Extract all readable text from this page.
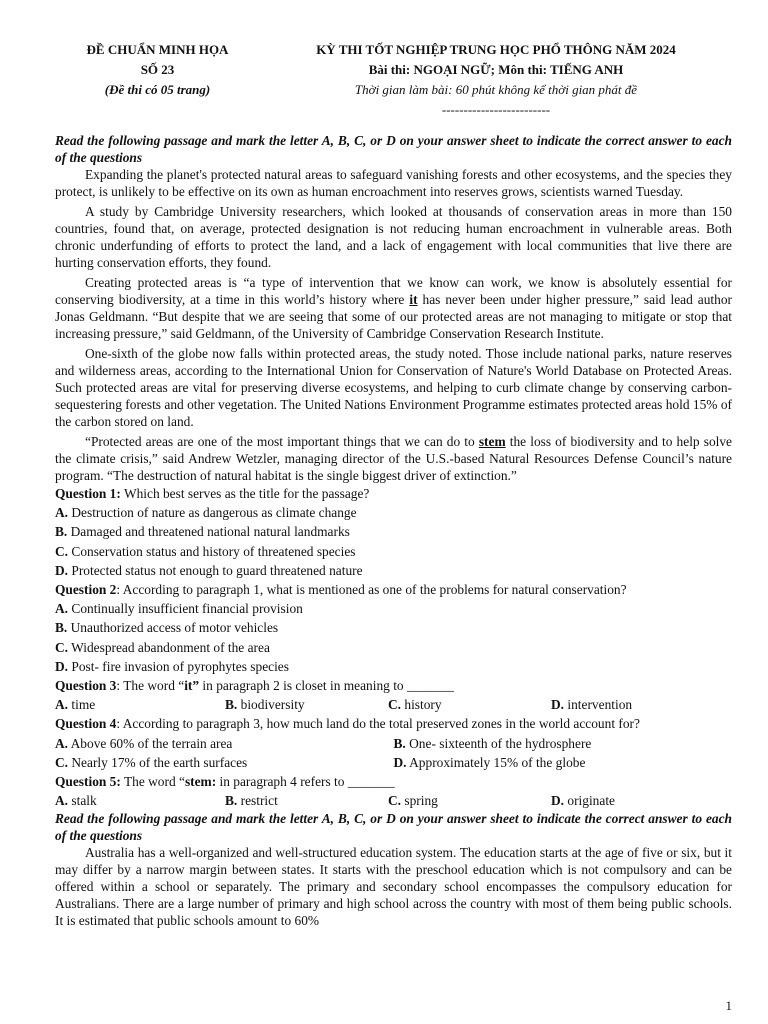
ĐỀ CHUẨN MINH HỌA
SỐ 23
(Đề thi có 05 trang)
KỲ THI TỐT NGHIỆP TRUNG HỌC PHỔ THÔNG NĂM 2024
Bài thi: NGOẠI NGỮ; Môn thi: TIẾNG ANH
Thời gian làm bài: 60 phút không kể thời gian phát đề
-------------------------
Read the following passage and mark the letter A, B, C, or D on your answer sheet to indicate the correct answer to each of the questions

Expanding the planet's protected natural areas to safeguard vanishing forests and other ecosystems, and the species they protect, is unlikely to be effective on its own as human encroachment into reserves grows, scientists warned Tuesday.

A study by Cambridge University researchers, which looked at thousands of conservation areas in more than 150 countries, found that, on average, protected designation is not reducing human encroachment in vulnerable areas. Both chronic underfunding of efforts to protect the land, and a lack of engagement with local communities that live there are hurting conservation efforts, they found.

Creating protected areas is “a type of intervention that we know can work, we know is absolutely essential for conserving biodiversity, at a time in this world’s history where it has never been under higher pressure,” said lead author Jonas Geldmann. “But despite that we are seeing that some of our protected areas are not managing to mitigate or stop that increasing pressure,” said Geldmann, of the University of Cambridge Conservation Research Institute.

One-sixth of the globe now falls within protected areas, the study noted. Those include national parks, nature reserves and wilderness areas, according to the International Union for Conservation of Nature's World Database on Protected Areas. Such protected areas are vital for preserving diverse ecosystems, and helping to curb climate change by conserving carbon-sequestering forests and other vegetation. The United Nations Environment Programme estimates protected areas hold 15% of the carbon stored on land.

“Protected areas are one of the most important things that we can do to stem the loss of biodiversity and to help solve the climate crisis,” said Andrew Wetzler, managing director of the U.S.-based Natural Resources Defense Council’s nature program. “The destruction of natural habitat is the single biggest driver of extinction.”

Question 1: Which best serves as the title for the passage?

A. Destruction of nature as dangerous as climate change

B. Damaged and threatened national natural landmarks

C. Conservation status and history of threatened species

D. Protected status not enough to guard threatened nature

Question 2: According to paragraph 1, what is mentioned as one of the problems for natural conservation?

A. Continually insufficient financial provision

B. Unauthorized access of motor vehicles

C. Widespread abandonment of the area

D. Post- fire invasion of pyrophytes species

Question 3: The word “it” in paragraph 2 is closet in meaning to _______

A. time	B. biodiversity	C. history	D. intervention

Question 4: According to paragraph 3, how much land do the total preserved zones in the world account for?

A. Above 60% of the terrain area	B. One- sixteenth of the hydrosphere
C. Nearly 17% of the earth surfaces	D. Approximately 15% of the globe

Question 5: The word “stem: in paragraph 4 refers to _______

A. stalk	B. restrict	C. spring	D. originate
Read the following passage and mark the letter A, B, C, or D on your answer sheet to indicate the correct answer to each of the questions

Australia has a well-organized and well-structured education system. The education starts at the age of five or six, but it may differ by a narrow margin between states. It starts with the preschool education which is not compulsory and can be offered within a school or separately. The primary and secondary school encompasses the compulsory education for Australians. There are a large number of primary and high school across the country with most of them being public schools. It is estimated that public schools amount to 60%

1
